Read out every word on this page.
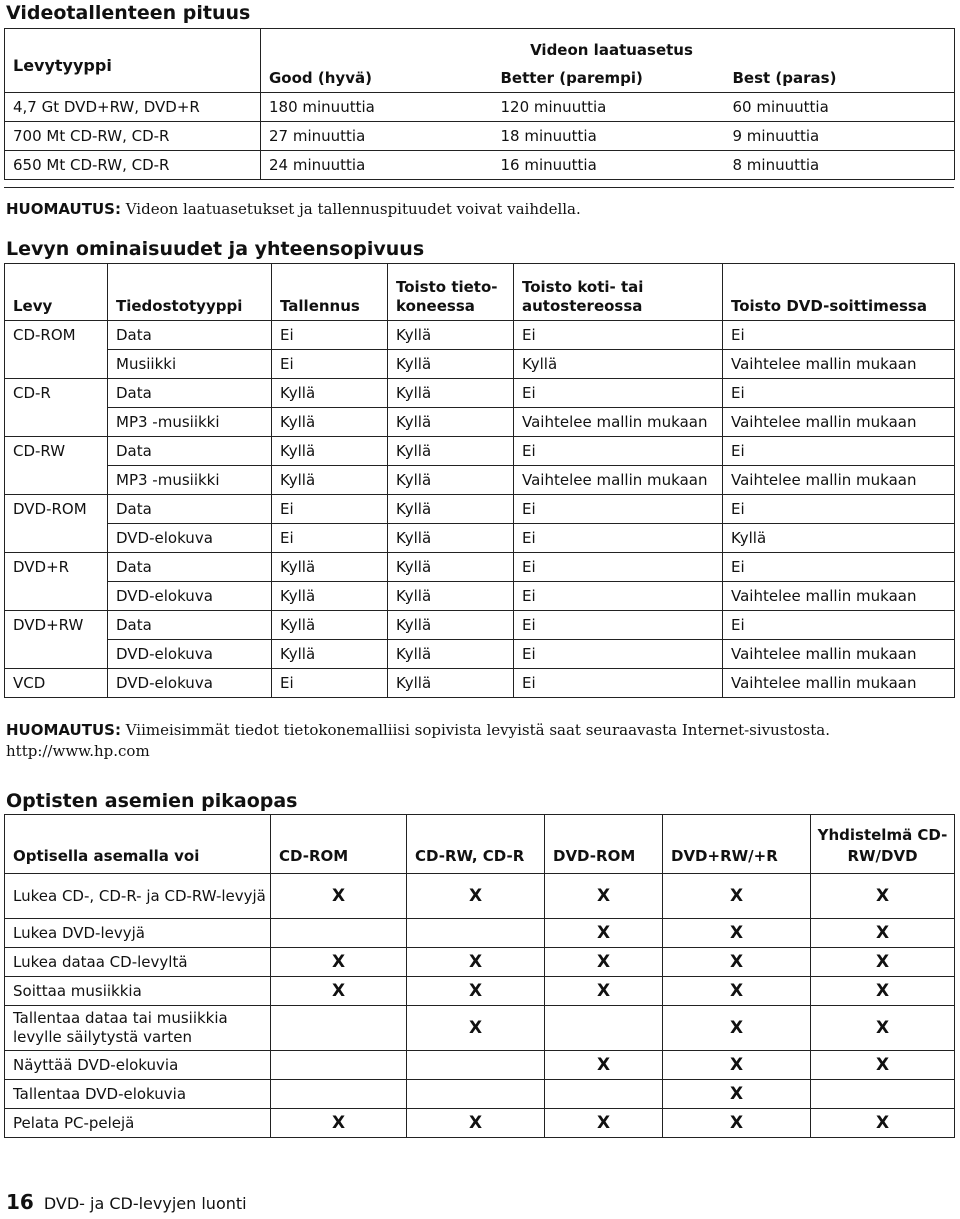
Videotallenteen pituus
Levytyyppi	Videon laatuasetus		
	Good (hyvä)	Better (parempi)	Best (paras)
4,7 Gt DVD+RW, DVD+R	180 minuuttia	120 minuuttia	60 minuuttia
700 Mt CD-RW, CD-R	27 minuuttia	18 minuuttia	9 minuuttia
650 Mt CD-RW, CD-R	24 minuuttia	16 minuuttia	8 minuuttia
HUOMAUTUS: Videon laatuasetukset ja tallennuspituudet voivat vaihdella.
Levyn ominaisuudet ja yhteensopivuus
Levy	Tiedostotyyppi	Tallennus	Toisto tieto-koneessa	Toisto koti- tai autostereossa	Toisto DVD-soittimessa
CD-ROM	Data	Ei	Kyllä	Ei	Ei
	Musiikki	Ei	Kyllä	Kyllä	Vaihtelee mallin mukaan
CD-R	Data	Kyllä	Kyllä	Ei	Ei
	MP3 -musiikki	Kyllä	Kyllä	Vaihtelee mallin mukaan	Vaihtelee mallin mukaan
CD-RW	Data	Kyllä	Kyllä	Ei	Ei
	MP3 -musiikki	Kyllä	Kyllä	Vaihtelee mallin mukaan	Vaihtelee mallin mukaan
DVD-ROM	Data	Ei	Kyllä	Ei	Ei
	DVD-elokuva	Ei	Kyllä	Ei	Kyllä
DVD+R	Data	Kyllä	Kyllä	Ei	Ei
	DVD-elokuva	Kyllä	Kyllä	Ei	Vaihtelee mallin mukaan
DVD+RW	Data	Kyllä	Kyllä	Ei	Ei
	DVD-elokuva	Kyllä	Kyllä	Ei	Vaihtelee mallin mukaan
VCD	DVD-elokuva	Ei	Kyllä	Ei	Vaihtelee mallin mukaan
HUOMAUTUS: Viimeisimmät tiedot tietokonemalliisi sopivista levyistä saat seuraavasta Internet-sivustosta. http://www.hp.com
Optisten asemien pikaopas
Optisella asemalla voi	CD-ROM	CD-RW, CD-R	DVD-ROM	DVD+RW/+R	Yhdistelmä CD-RW/DVD
Lukea CD-, CD-R- ja CD-RW-levyjä	X	X	X	X	X
Lukea DVD-levyjä			X	X	X
Lukea dataa CD-levyltä	X	X	X	X	X
Soittaa musiikkia	X	X	X	X	X
Tallentaa dataa tai musiikkia levylle säilytystä varten		X		X	X
Näyttää DVD-elokuvia			X	X	X
Tallentaa DVD-elokuvia				X	
Pelata PC-pelejä	X	X	X	X	X
16 DVD- ja CD-levyjen luonti
